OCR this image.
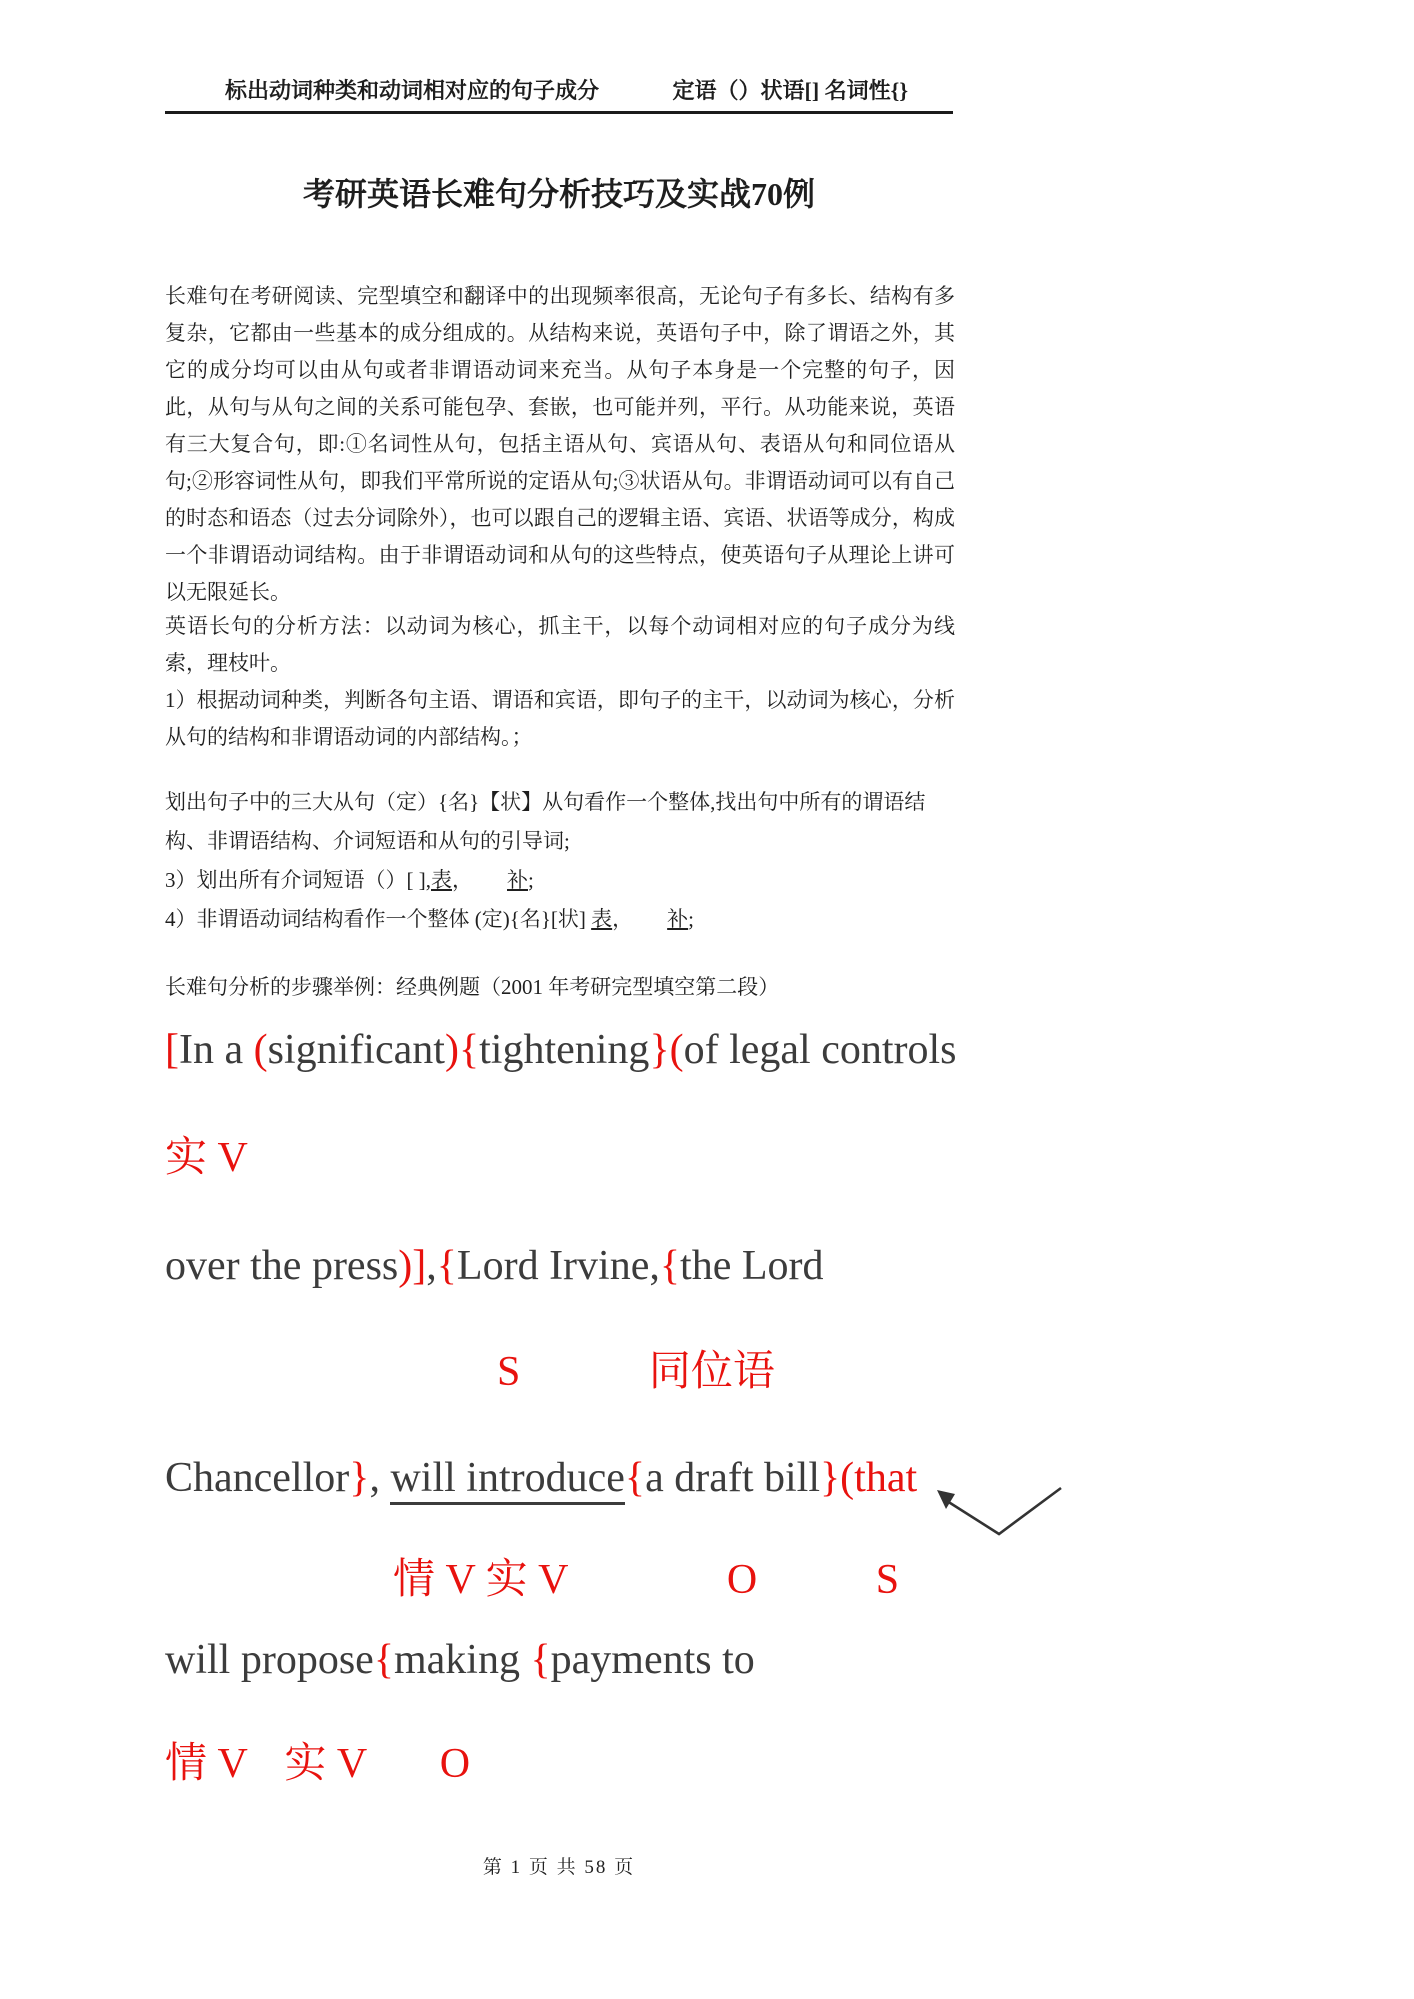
标出动词种类和动词相对应的句子成分	定语（）状语[] 名词性{}
考研英语长难句分析技巧及实战70例
长难句在考研阅读、完型填空和翻译中的出现频率很高，无论句子有多长、结构有多复杂，它都由一些基本的成分组成的。从结构来说，英语句子中，除了谓语之外，其它的成分均可以由从句或者非谓语动词来充当。从句子本身是一个完整的句子，因此，从句与从句之间的关系可能包孕、套嵌，也可能并列，平行。从功能来说，英语有三大复合句，即:①名词性从句，包括主语从句、宾语从句、表语从句和同位语从句;②形容词性从句，即我们平常所说的定语从句;③状语从句。非谓语动词可以有自己的时态和语态（过去分词除外），也可以跟自己的逻辑主语、宾语、状语等成分，构成一个非谓语动词结构。由于非谓语动词和从句的这些特点，使英语句子从理论上讲可以无限延长。
英语长句的分析方法：以动词为核心，抓主干，以每个动词相对应的句子成分为线索，理枝叶。
1）根据动词种类，判断各句主语、谓语和宾语，即句子的主干，以动词为核心，分析从句的结构和非谓语动词的内部结构。；
划出句子中的三大从句（定）{名}【状】从句看作一个整体,找出句中所有的谓语结构、非谓语结构、介词短语和从句的引导词;
3）划出所有介词短语（）[ ],表， 补;
4）非谓语动词结构看作一个整体 (定){名}[状] 表， 补;
长难句分析的步骤举例：经典例题（2001 年考研完型填空第二段）
[In a (significant){tightening}(of legal controls
实 V
over the press)],{Lord Irvine,{the Lord
S	同位语
Chancellor}, will introduce{a draft bill}(that
情 V 实 V	O	S
will propose{making {payments to
情 V 实 V O
第 1 页 共 58 页
